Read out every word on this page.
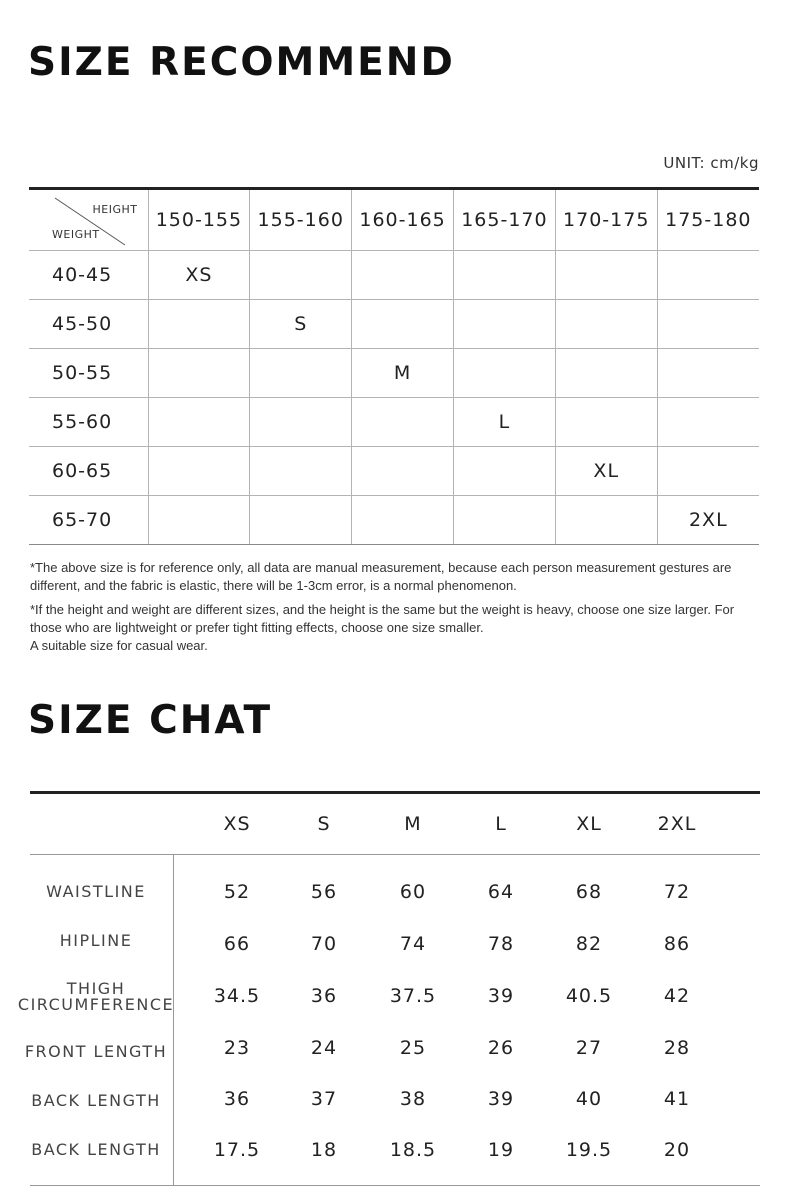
SIZE RECOMMEND
UNIT: cm/kg
HEIGHT
WEIGHT	150-155	155-160	160-165	165-170	170-175	175-180
40-45	XS					
45-50		S				
50-55			M			
55-60				L		
60-65					XL	
65-70						2XL

*The above size is for reference only, all data are manual measurement, because each person measurement gestures are different, and the fabric is elastic, there will be 1-3cm error, is a normal phenomenon.

*If the height and weight are different sizes, and the height is the same but the weight is heavy, choose one size larger. For those who are lightweight or prefer tight fitting effects, choose one size smaller.

A suitable size for casual wear.

SIZE CHAT
XS	S	M	L	XL	2XL
WAISTLINE	52	56	60	64	68	72
HIPLINE	66	70	74	78	82	86
THIGH
CIRCUMFERENCE	34.5	36	37.5	39	40.5	42
FRONT LENGTH	23	24	25	26	27	28
BACK LENGTH	36	37	38	39	40	41
BACK LENGTH	17.5	18	18.5	19	19.5	20
